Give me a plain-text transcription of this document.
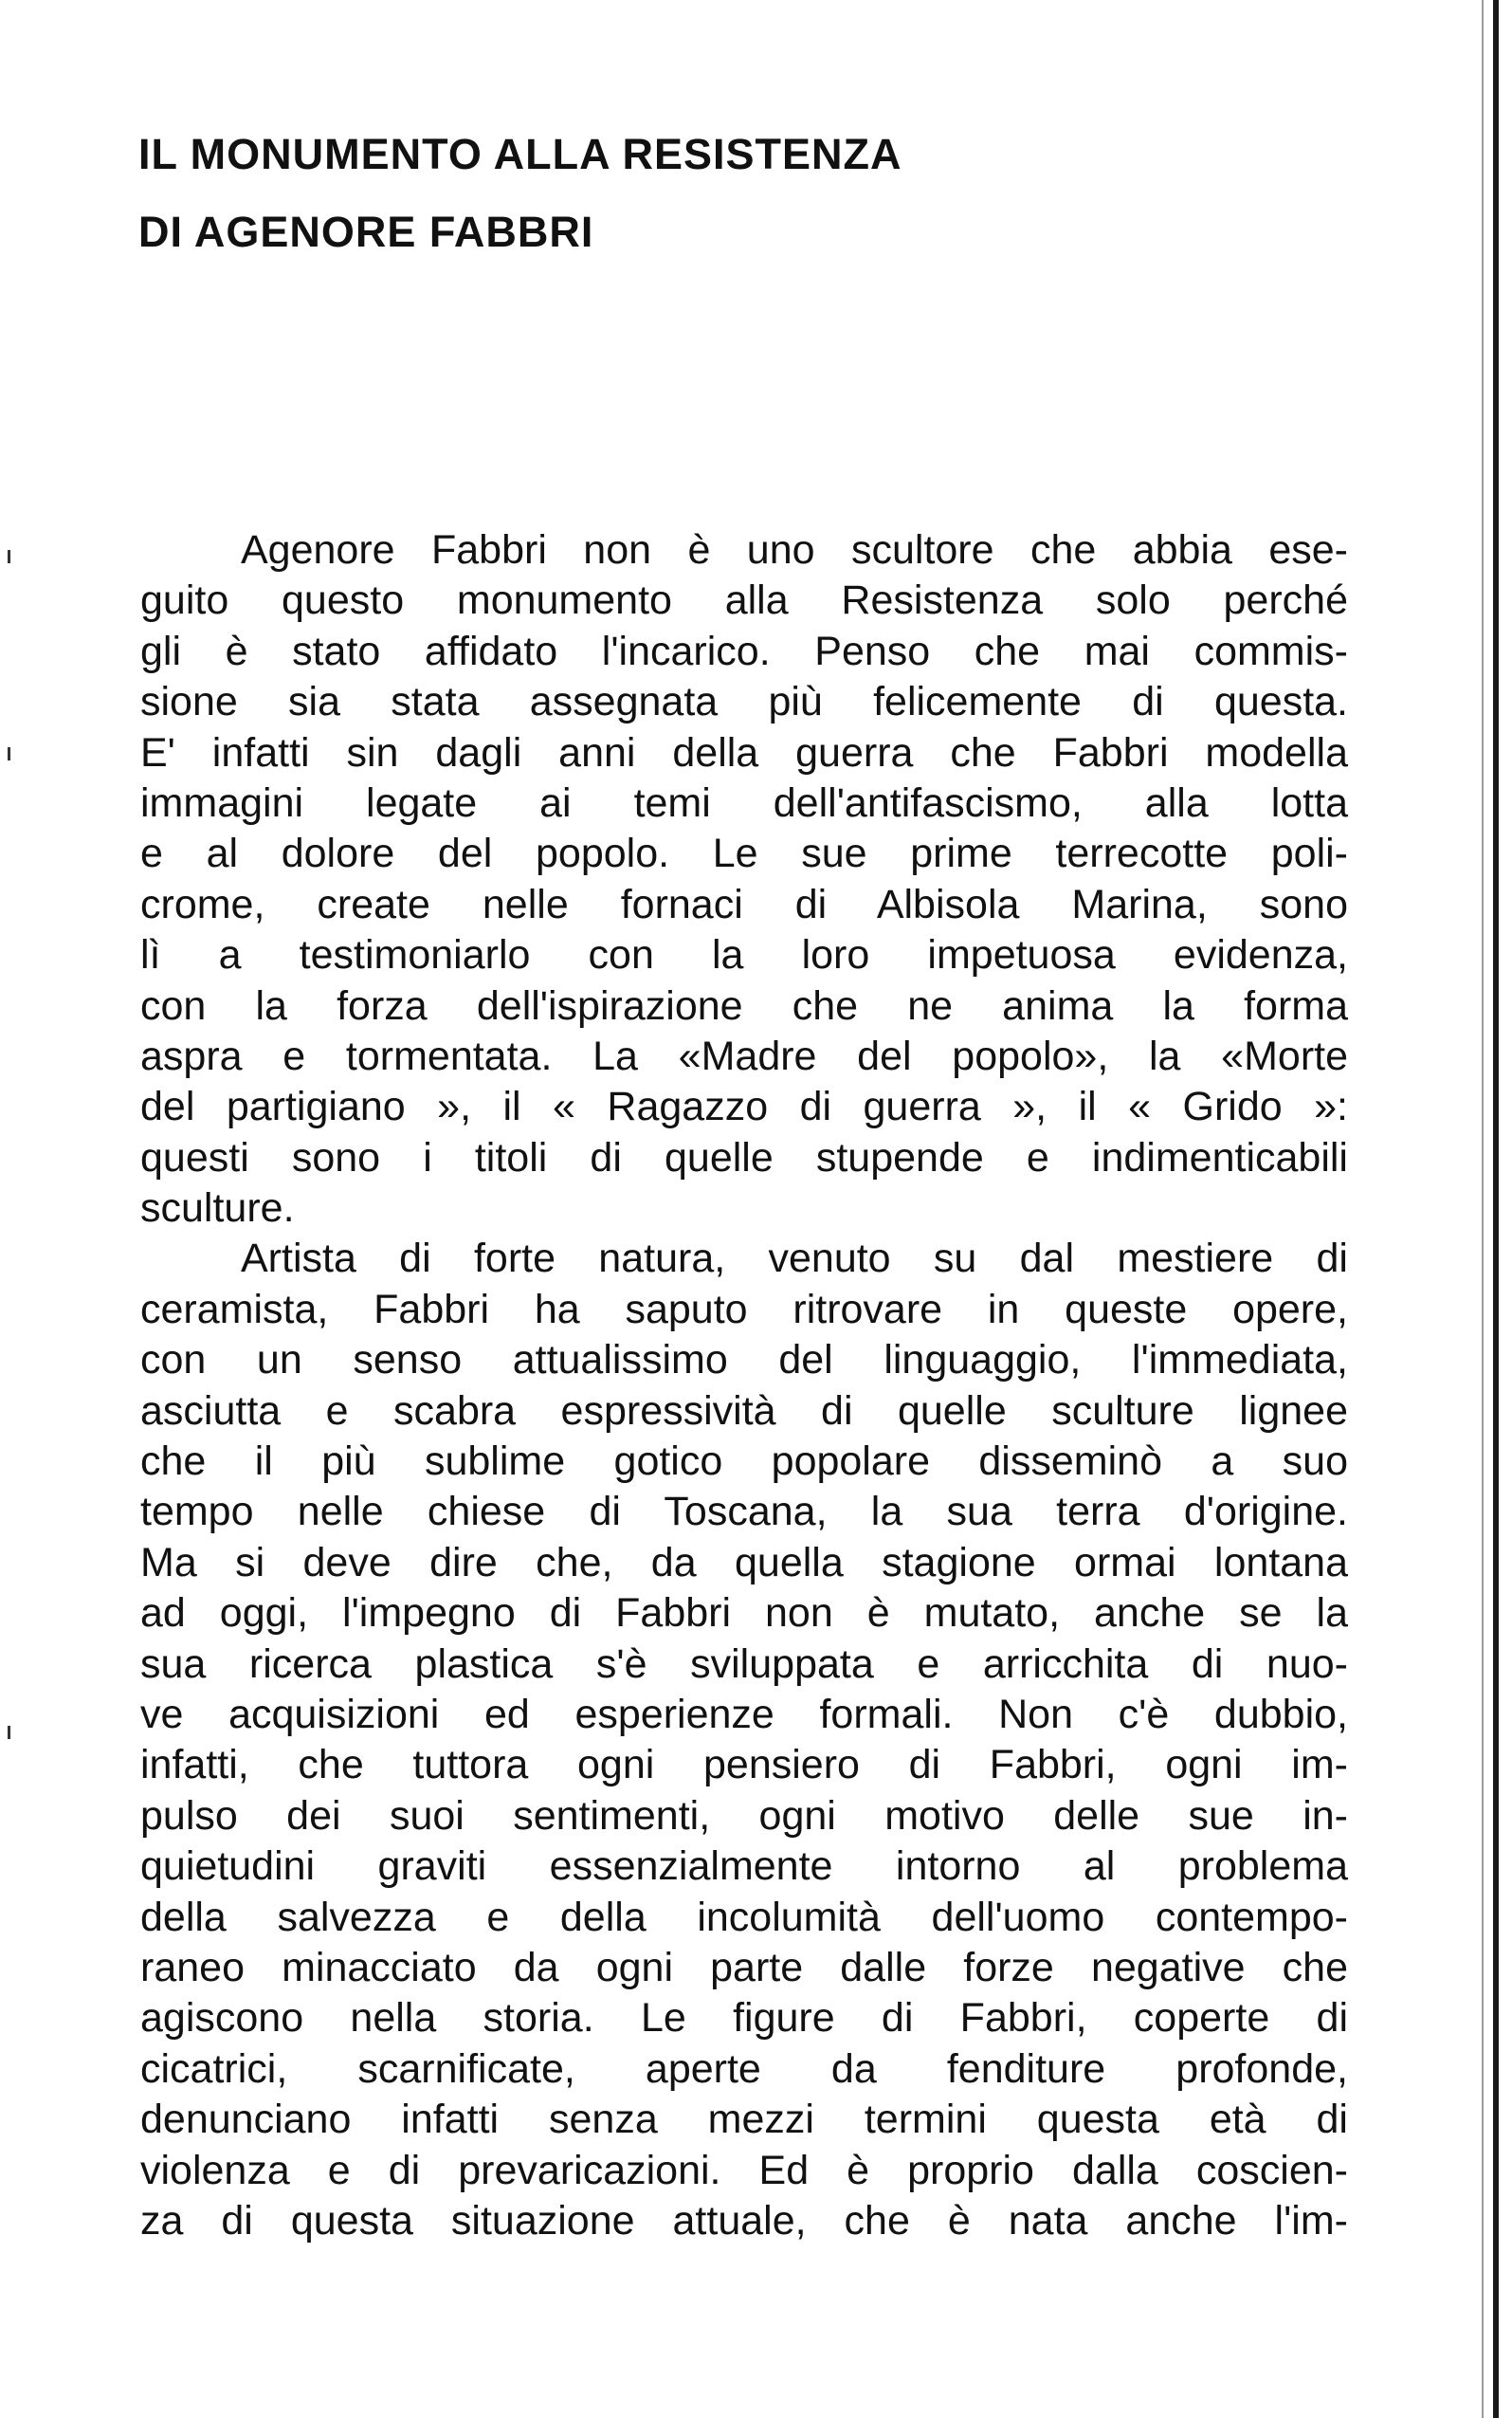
IL MONUMENTO ALLA RESISTENZA
DI AGENORE FABBRI
Agenore Fabbri non è uno scultore che abbia ese-
guito questo monumento alla Resistenza solo perché
gli è stato affidato l'incarico. Penso che mai commis-
sione sia stata assegnata più felicemente di questa.
E' infatti sin dagli anni della guerra che Fabbri modella
immagini legate ai temi dell'antifascismo, alla lotta
e al dolore del popolo. Le sue prime terrecotte poli-
crome, create nelle fornaci di Albisola Marina, sono
lì a testimoniarlo con la loro impetuosa evidenza,
con la forza dell'ispirazione che ne anima la forma
aspra e tormentata. La «Madre del popolo», la «Morte
del partigiano », il « Ragazzo di guerra », il « Grido »:
questi sono i titoli di quelle stupende e indimenticabili
sculture.
Artista di forte natura, venuto su dal mestiere di
ceramista, Fabbri ha saputo ritrovare in queste opere,
con un senso attualissimo del linguaggio, l'immediata,
asciutta e scabra espressività di quelle sculture lignee
che il più sublime gotico popolare disseminò a suo
tempo nelle chiese di Toscana, la sua terra d'origine.
Ma si deve dire che, da quella stagione ormai lontana
ad oggi, l'impegno di Fabbri non è mutato, anche se la
sua ricerca plastica s'è sviluppata e arricchita di nuo-
ve acquisizioni ed esperienze formali. Non c'è dubbio,
infatti, che tuttora ogni pensiero di Fabbri, ogni im-
pulso dei suoi sentimenti, ogni motivo delle sue in-
quietudini graviti essenzialmente intorno al problema
della salvezza e della incolumità dell'uomo contempo-
raneo minacciato da ogni parte dalle forze negative che
agiscono nella storia. Le figure di Fabbri, coperte di
cicatrici, scarnificate, aperte da fenditure profonde,
denunciano infatti senza mezzi termini questa età di
violenza e di prevaricazioni. Ed è proprio dalla coscien-
za di questa situazione attuale, che è nata anche l'im-
